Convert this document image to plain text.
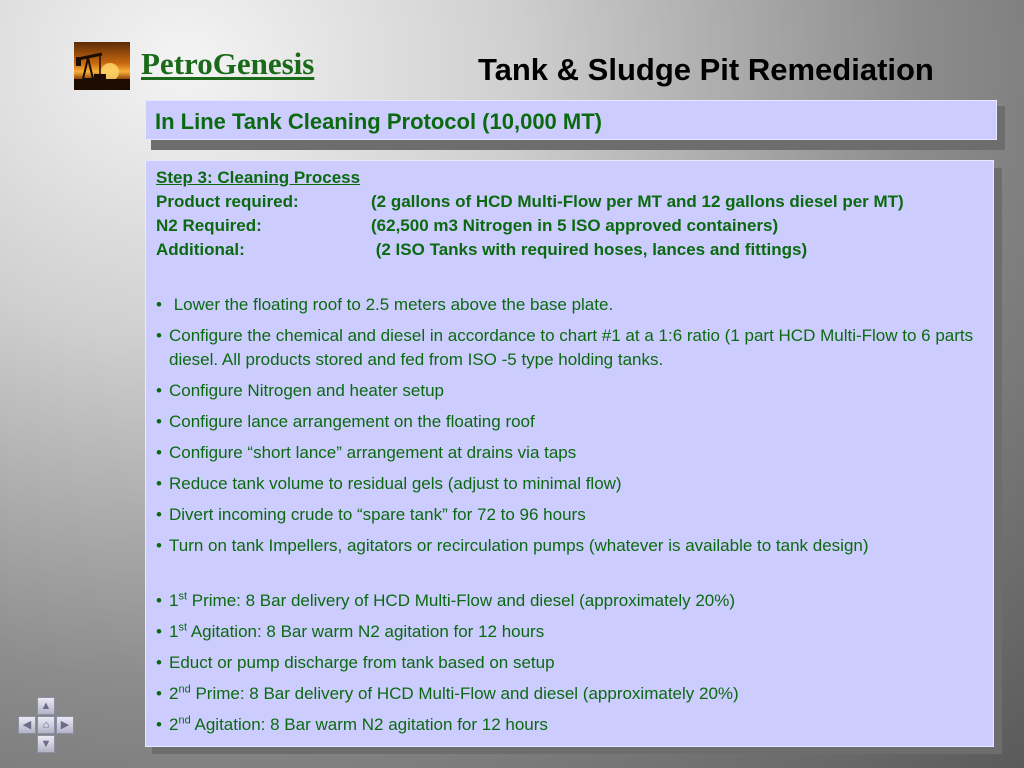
PetroGenesis	Tank & Sludge Pit Remediation
In Line Tank Cleaning Protocol (10,000 MT)
Step 3: Cleaning Process
Product required:	(2 gallons of HCD Multi-Flow per MT and 12 gallons diesel per MT)
N2 Required:	(62,500 m3 Nitrogen in 5 ISO approved containers)
Additional:	(2 ISO Tanks with required hoses, lances and fittings)
• Lower the floating roof to 2.5 meters above the base plate.
• Configure the chemical and diesel in accordance to chart #1 at a 1:6 ratio (1 part HCD Multi-Flow to 6 parts diesel. All products stored and fed from ISO -5 type holding tanks.
• Configure Nitrogen and heater setup
• Configure lance arrangement on the floating roof
• Configure “short lance” arrangement at drains via taps
• Reduce tank volume to residual gels (adjust to minimal flow)
• Divert incoming crude to “spare tank” for 72 to 96 hours
• Turn on tank Impellers, agitators or recirculation pumps (whatever is available to tank design)
• 1st Prime: 8 Bar delivery of HCD Multi-Flow and diesel (approximately 20%)
• 1st Agitation: 8 Bar warm N2 agitation for 12 hours
• Educt or pump discharge from tank based on setup
• 2nd Prime: 8 Bar delivery of HCD Multi-Flow and diesel (approximately 20%)
• 2nd Agitation: 8 Bar warm N2 agitation for 12 hours
▲
◀	⌂	▶
▼
